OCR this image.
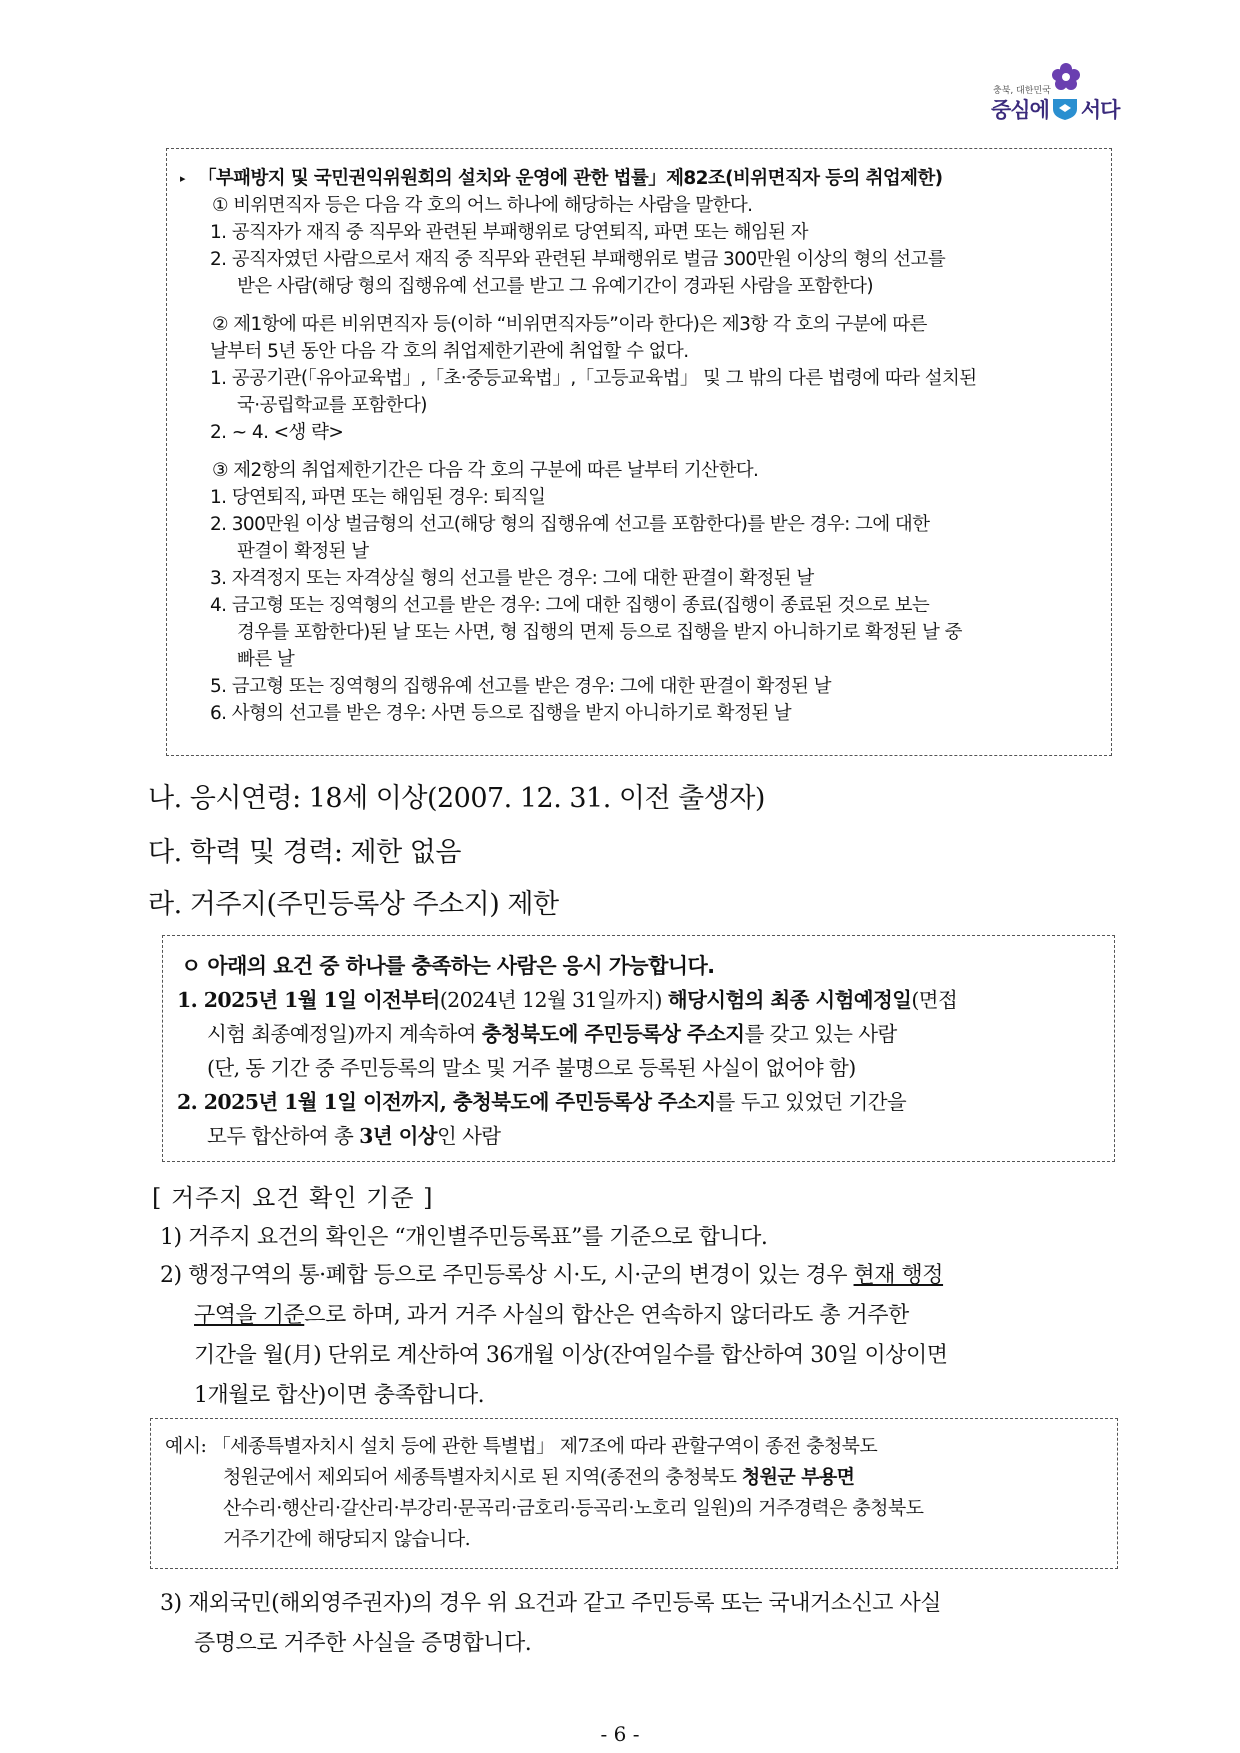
충북, 대한민국
중심에 서다
▸ 「부패방지 및 국민권익위원회의 설치와 운영에 관한 법률」제82조(비위면직자 등의 취업제한)
① 비위면직자 등은 다음 각 호의 어느 하나에 해당하는 사람을 말한다.
1. 공직자가 재직 중 직무와 관련된 부패행위로 당연퇴직, 파면 또는 해임된 자
2. 공직자였던 사람으로서 재직 중 직무와 관련된 부패행위로 벌금 300만원 이상의 형의 선고를
받은 사람(해당 형의 집행유예 선고를 받고 그 유예기간이 경과된 사람을 포함한다)
② 제1항에 따른 비위면직자 등(이하 “비위면직자등”이라 한다)은 제3항 각 호의 구분에 따른
날부터 5년 동안 다음 각 호의 취업제한기관에 취업할 수 없다.
1. 공공기관(「유아교육법」,「초·중등교육법」,「고등교육법」 및 그 밖의 다른 법령에 따라 설치된
국·공립학교를 포함한다)
2. ~ 4. <생 략>
③ 제2항의 취업제한기간은 다음 각 호의 구분에 따른 날부터 기산한다.
1. 당연퇴직, 파면 또는 해임된 경우: 퇴직일
2. 300만원 이상 벌금형의 선고(해당 형의 집행유예 선고를 포함한다)를 받은 경우: 그에 대한
판결이 확정된 날
3. 자격정지 또는 자격상실 형의 선고를 받은 경우: 그에 대한 판결이 확정된 날
4. 금고형 또는 징역형의 선고를 받은 경우: 그에 대한 집행이 종료(집행이 종료된 것으로 보는
경우를 포함한다)된 날 또는 사면, 형 집행의 면제 등으로 집행을 받지 아니하기로 확정된 날 중
빠른 날
5. 금고형 또는 징역형의 집행유예 선고를 받은 경우: 그에 대한 판결이 확정된 날
6. 사형의 선고를 받은 경우: 사면 등으로 집행을 받지 아니하기로 확정된 날
나. 응시연령: 18세 이상(2007. 12. 31. 이전 출생자)
다. 학력 및 경력: 제한 없음
라. 거주지(주민등록상 주소지) 제한
ㅇ 아래의 요건 중 하나를 충족하는 사람은 응시 가능합니다.
1. 2025년 1월 1일 이전부터(2024년 12월 31일까지) 해당시험의 최종 시험예정일(면접
시험 최종예정일)까지 계속하여 충청북도에 주민등록상 주소지를 갖고 있는 사람
(단, 동 기간 중 주민등록의 말소 및 거주 불명으로 등록된 사실이 없어야 함)
2. 2025년 1월 1일 이전까지, 충청북도에 주민등록상 주소지를 두고 있었던 기간을
모두 합산하여 총 3년 이상인 사람
[ 거주지 요건 확인 기준 ]
1) 거주지 요건의 확인은 “개인별주민등록표”를 기준으로 합니다.
2) 행정구역의 통·폐합 등으로 주민등록상 시·도, 시·군의 변경이 있는 경우 현재 행정
구역을 기준으로 하며, 과거 거주 사실의 합산은 연속하지 않더라도 총 거주한
기간을 월(月) 단위로 계산하여 36개월 이상(잔여일수를 합산하여 30일 이상이면
1개월로 합산)이면 충족합니다.
예시: 「세종특별자치시 설치 등에 관한 특별법」 제7조에 따라 관할구역이 종전 충청북도
청원군에서 제외되어 세종특별자치시로 된 지역(종전의 충청북도 청원군 부용면
산수리·행산리·갈산리·부강리·문곡리·금호리·등곡리·노호리 일원)의 거주경력은 충청북도
거주기간에 해당되지 않습니다.
3) 재외국민(해외영주권자)의 경우 위 요건과 같고 주민등록 또는 국내거소신고 사실
증명으로 거주한 사실을 증명합니다.
- 6 -
